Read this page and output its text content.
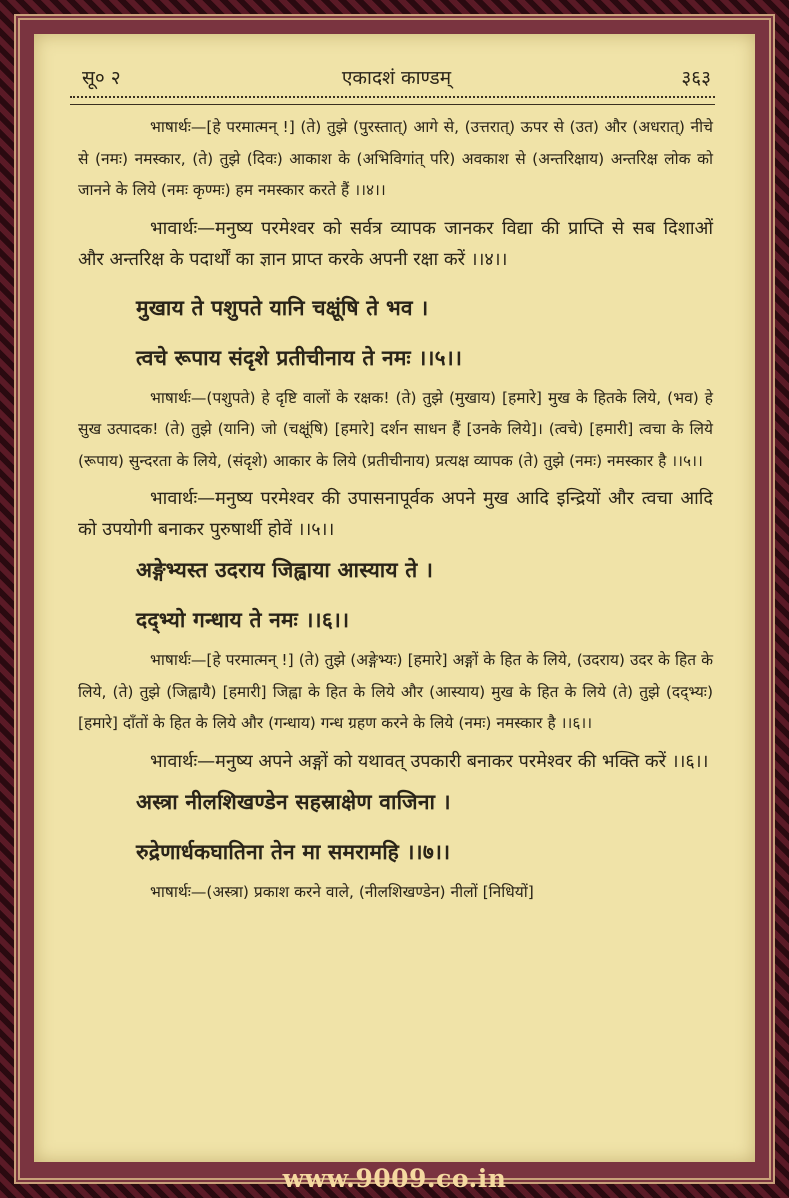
सू० २	एकादशं काण्डम्	३६३

भाषार्थः—[हे परमात्मन् !] (ते) तुझे (पुरस्तात्) आगे से, (उत्तरात्) ऊपर से (उत) और (अधरात्) नीचे से (नमः) नमस्कार, (ते) तुझे (दिवः) आकाश के (अभिविगांत् परि) अवकाश से (अन्तरिक्षाय) अन्तरिक्ष लोक को जानने के लिये (नमः कृण्मः) हम नमस्कार करते हैं ।।४।।

भावार्थः—मनुष्य परमेश्वर को सर्वत्र व्यापक जानकर विद्या की प्राप्ति से सब दिशाओं और अन्तरिक्ष के पदार्थों का ज्ञान प्राप्त करके अपनी रक्षा करें ।।४।।

मुखाय ते पशुपते यानि चक्षूंषि ते भव ।

त्वचे रूपाय संदृशे प्रतीचीनाय ते नमः ।।५।।

भाषार्थः—(पशुपते) हे दृष्टि वालों के रक्षक! (ते) तुझे (मुखाय) [हमारे] मुख के हितके लिये, (भव) हे सुख उत्पादक! (ते) तुझे (यानि) जो (चक्षूंषि) [हमारे] दर्शन साधन हैं [उनके लिये]। (त्वचे) [हमारी] त्वचा के लिये (रूपाय) सुन्दरता के लिये, (संदृशे) आकार के लिये (प्रतीचीनाय) प्रत्यक्ष व्यापक (ते) तुझे (नमः) नमस्कार है ।।५।।

भावार्थः—मनुष्य परमेश्वर की उपासनापूर्वक अपने मुख आदि इन्द्रियों और त्वचा आदि को उपयोगी बनाकर पुरुषार्थी होवें ।।५।।

अङ्गेभ्यस्त उदराय जिह्वाया आस्याय ते ।

दद्भ्यो गन्धाय ते नमः ।।६।।

भाषार्थः—[हे परमात्मन् !] (ते) तुझे (अङ्गेभ्यः) [हमारे] अङ्गों के हित के लिये, (उदराय) उदर के हित के लिये, (ते) तुझे (जिह्वायै) [हमारी] जिह्वा के हित के लिये और (आस्याय) मुख के हित के लिये (ते) तुझे (दद्भ्यः) [हमारे] दाँतों के हित के लिये और (गन्धाय) गन्ध ग्रहण करने के लिये (नमः) नमस्कार है ।।६।।

भावार्थः—मनुष्य अपने अङ्गों को यथावत् उपकारी बनाकर परमेश्वर की भक्ति करें ।।६।।

अस्त्रा नीलशिखण्डेन सहस्राक्षेण वाजिना ।

रुद्रेणार्धकघातिना तेन मा समरामहि ।।७।।

भाषार्थः—(अस्त्रा) प्रकाश करने वाले, (नीलशिखण्डेन) नीलों [निधियों]

www.9009.co.in
